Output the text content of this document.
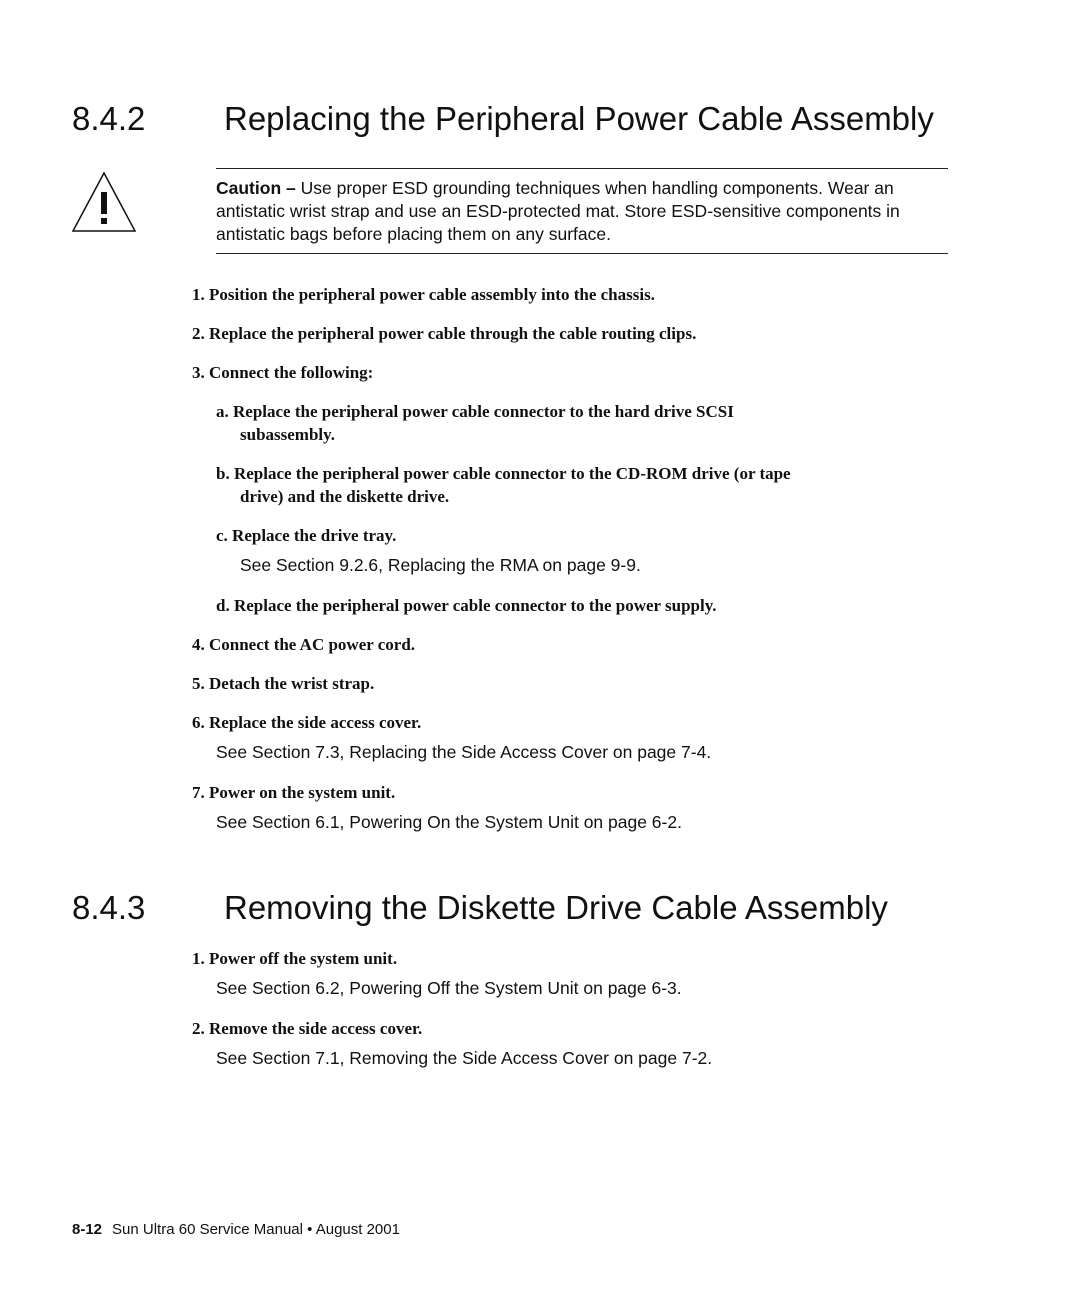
8.4.2 Replacing the Peripheral Power Cable Assembly
Caution – Use proper ESD grounding techniques when handling components. Wear an antistatic wrist strap and use an ESD-protected mat. Store ESD-sensitive components in antistatic bags before placing them on any surface.
1. Position the peripheral power cable assembly into the chassis.
2. Replace the peripheral power cable through the cable routing clips.
3. Connect the following:
a. Replace the peripheral power cable connector to the hard drive SCSI
subassembly.
b. Replace the peripheral power cable connector to the CD-ROM drive (or tape
drive) and the diskette drive.
c. Replace the drive tray.
See Section 9.2.6, Replacing the RMA on page 9-9.
d. Replace the peripheral power cable connector to the power supply.
4. Connect the AC power cord.
5. Detach the wrist strap.
6. Replace the side access cover.
See Section 7.3, Replacing the Side Access Cover on page 7-4.
7. Power on the system unit.
See Section 6.1, Powering On the System Unit on page 6-2.
8.4.3 Removing the Diskette Drive Cable Assembly
1. Power off the system unit.
See Section 6.2, Powering Off the System Unit on page 6-3.
2. Remove the side access cover.
See Section 7.1, Removing the Side Access Cover on page 7-2.
8-12 Sun Ultra 60 Service Manual • August 2001
